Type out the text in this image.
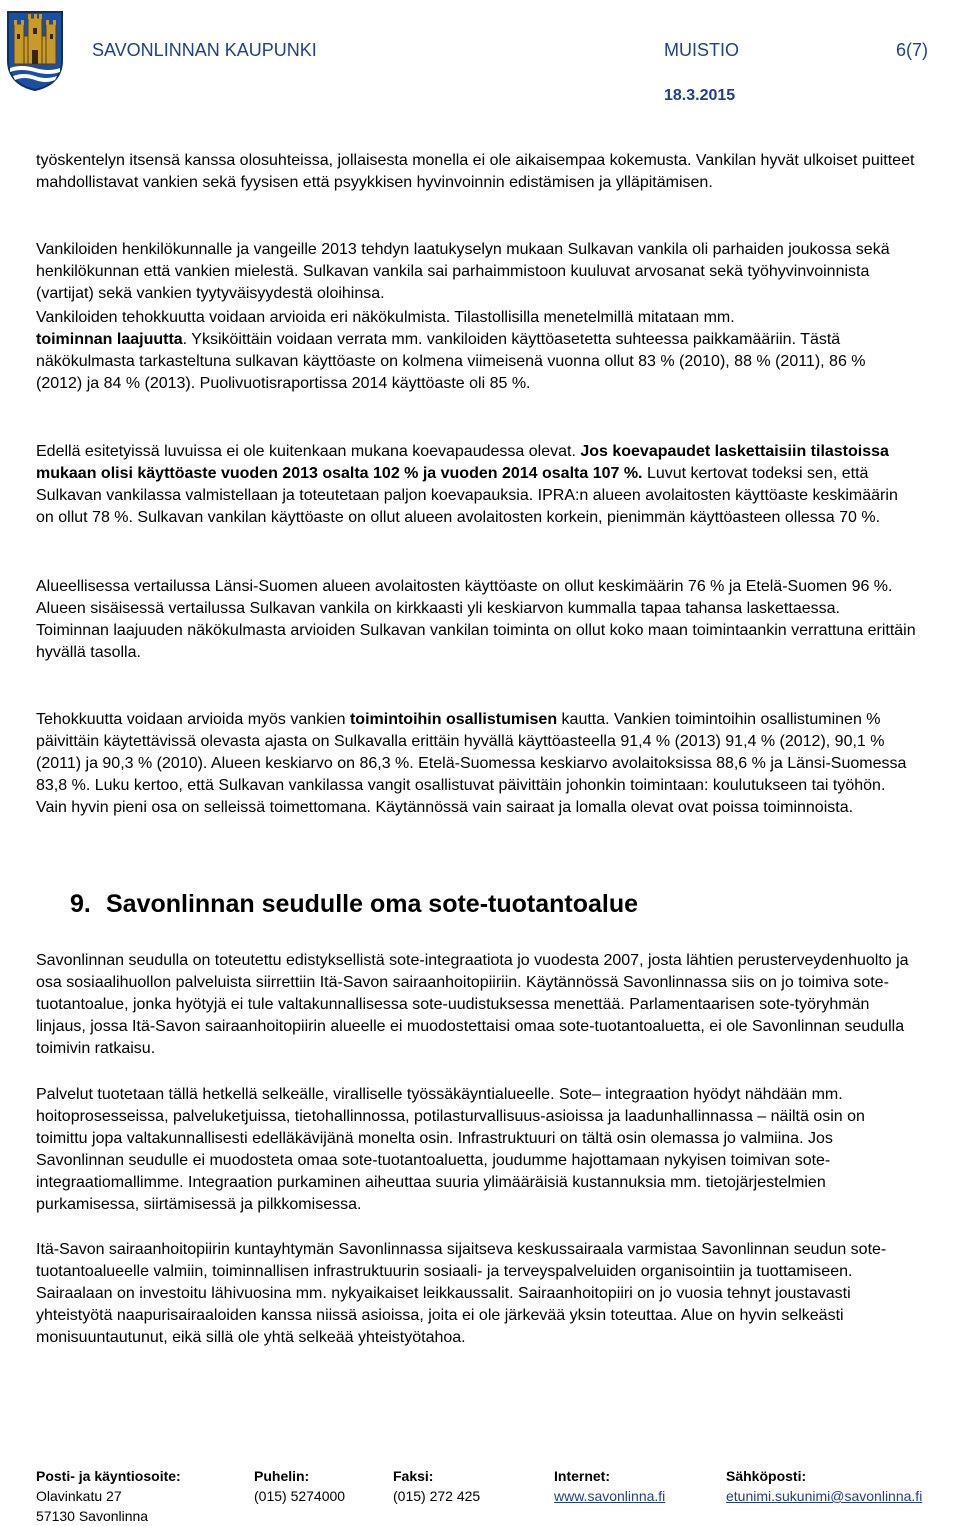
SAVONLINNAN KAUPUNKI	MUISTIO	6(7)
18.3.2015

työskentelyn itsensä kanssa olosuhteissa, jollaisesta monella ei ole aikaisempaa kokemusta. Vankilan hyvät ulkoiset puitteet mahdollistavat vankien sekä fyysisen että psyykkisen hyvinvoinnin edistämisen ja ylläpitämisen.

Vankiloiden henkilökunnalle ja vangeille 2013 tehdyn laatukyselyn mukaan Sulkavan vankila oli parhaiden joukossa sekä henkilökunnan että vankien mielestä. Sulkavan vankila sai parhaimmistoon kuuluvat arvosanat sekä työhyvinvoinnista (vartijat) sekä vankien tyytyväisyydestä oloihinsa.

Vankiloiden tehokkuutta voidaan arvioida eri näkökulmista. Tilastollisilla menetelmillä mitataan mm.
toiminnan laajuutta. Yksiköittäin voidaan verrata mm. vankiloiden käyttöasetetta suhteessa paikkamääriin. Tästä näkökulmasta tarkasteltuna sulkavan käyttöaste on kolmena viimeisenä vuonna ollut 83 % (2010), 88 % (2011), 86 % (2012) ja 84 % (2013). Puolivuotisraportissa 2014 käyttöaste oli 85 %.

Edellä esitetyissä luvuissa ei ole kuitenkaan mukana koevapaudessa olevat. Jos koevapaudet laskettaisiin tilastoissa mukaan olisi käyttöaste vuoden 2013 osalta 102 % ja vuoden 2014 osalta 107 %. Luvut kertovat todeksi sen, että Sulkavan vankilassa valmistellaan ja toteutetaan paljon koevapauksia. IPRA:n alueen avolaitosten käyttöaste keskimäärin on ollut 78 %. Sulkavan vankilan käyttöaste on ollut alueen avolaitosten korkein, pienimmän käyttöasteen ollessa 70 %.

Alueellisessa vertailussa Länsi-Suomen alueen avolaitosten käyttöaste on ollut keskimäärin 76 % ja Etelä-Suomen 96 %. Alueen sisäisessä vertailussa Sulkavan vankila on kirkkaasti yli keskiarvon kummalla tapaa tahansa laskettaessa. Toiminnan laajuuden näkökulmasta arvioiden Sulkavan vankilan toiminta on ollut koko maan toimintaankin verrattuna erittäin hyvällä tasolla.

Tehokkuutta voidaan arvioida myös vankien toimintoihin osallistumisen kautta. Vankien toimintoihin osallistuminen % päivittäin käytettävissä olevasta ajasta on Sulkavalla erittäin hyvällä käyttöasteella 91,4 % (2013) 91,4 % (2012), 90,1 % (2011) ja 90,3 % (2010). Alueen keskiarvo on 86,3 %. Etelä-Suomessa keskiarvo avolaitoksissa 88,6 % ja Länsi-Suomessa 83,8 %. Luku kertoo, että Sulkavan vankilassa vangit osallistuvat päivittäin johonkin toimintaan: koulutukseen tai työhön. Vain hyvin pieni osa on selleissä toimettomana. Käytännössä vain sairaat ja lomalla olevat ovat poissa toiminnoista.

9. Savonlinnan seudulle oma sote-tuotantoalue

Savonlinnan seudulla on toteutettu edistyksellistä sote-integraatiota jo vuodesta 2007, josta lähtien perusterveydenhuolto ja osa sosiaalihuollon palveluista siirrettiin Itä-Savon sairaanhoitopiiriin. Käytännössä Savonlinnassa siis on jo toimiva sote-tuotantoalue, jonka hyötyjä ei tule valtakunnallisessa sote-uudistuksessa menettää. Parlamentaarisen sote-työryhmän linjaus, jossa Itä-Savon sairaanhoitopiirin alueelle ei muodostettaisi omaa sote-tuotantoaluetta, ei ole Savonlinnan seudulla toimivin ratkaisu.

Palvelut tuotetaan tällä hetkellä selkeälle, viralliselle työssäkäyntialueelle. Sote– integraation hyödyt nähdään mm. hoitoprosesseissa, palveluketjuissa, tietohallinnossa, potilasturvallisuus-asioissa ja laadunhallinnassa – näiltä osin on toimittu jopa valtakunnallisesti edelläkävijänä monelta osin. Infrastruktuuri on tältä osin olemassa jo valmiina. Jos Savonlinnan seudulle ei muodosteta omaa sote-tuotantoaluetta, joudumme hajottamaan nykyisen toimivan sote-integraatiomallimme. Integraation purkaminen aiheuttaa suuria ylimääräisiä kustannuksia mm. tietojärjestelmien purkamisessa, siirtämisessä ja pilkkomisessa.

Itä-Savon sairaanhoitopiirin kuntayhtymän Savonlinnassa sijaitseva keskussairaala varmistaa Savonlinnan seudun sote-tuotantoalueelle valmiin, toiminnallisen infrastruktuurin sosiaali- ja terveyspalveluiden organisointiin ja tuottamiseen. Sairaalaan on investoitu lähivuosina mm. nykyaikaiset leikkaussalit. Sairaanhoitopiiri on jo vuosia tehnyt joustavasti yhteistyötä naapurisairaaloiden kanssa niissä asioissa, joita ei ole järkevää yksin toteuttaa. Alue on hyvin selkeästi monisuuntautunut, eikä sillä ole yhtä selkeää yhteistyötahoa.

Posti- ja käyntiosoite:
Olavinkatu 27
57130 Savonlinna
Puhelin:
(015) 5274000
Faksi:
(015) 272 425
Internet:
www.savonlinna.fi
Sähköposti:
etunimi.sukunimi@savonlinna.fi
